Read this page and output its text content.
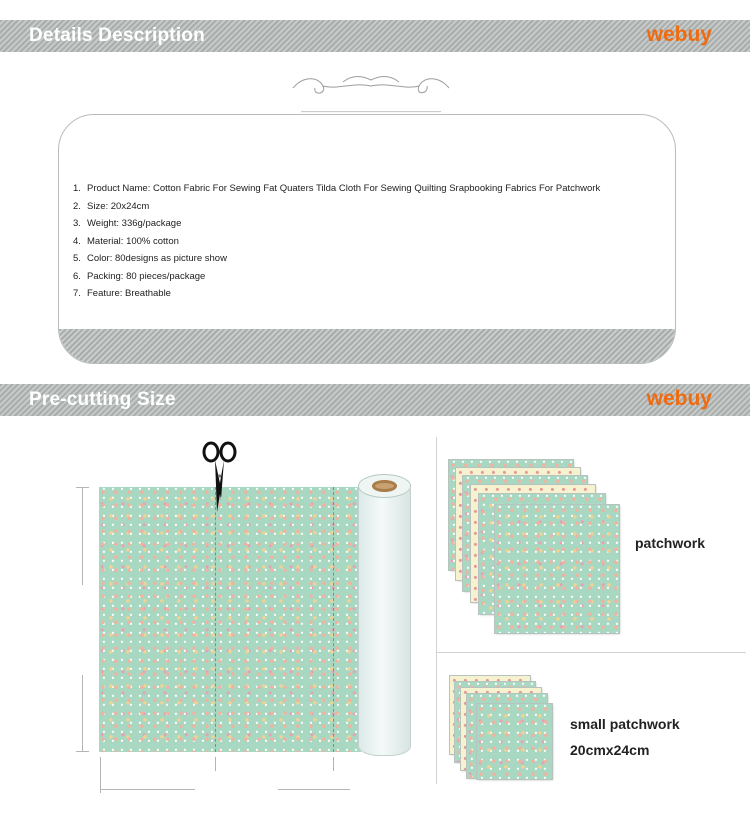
Details Description	webuy
1. Product Name: Cotton Fabric For Sewing Fat Quaters Tilda Cloth For Sewing Quilting Srapbooking Fabrics For Patchwork
2. Size: 20x24cm
3. Weight: 336g/package
4. Material: 100% cotton
5. Color: 80designs as picture show
6. Packing: 80 pieces/package
7. Feature: Breathable
Pre-cutting Size	webuy
patchwork
small patchwork
20cmx24cm
